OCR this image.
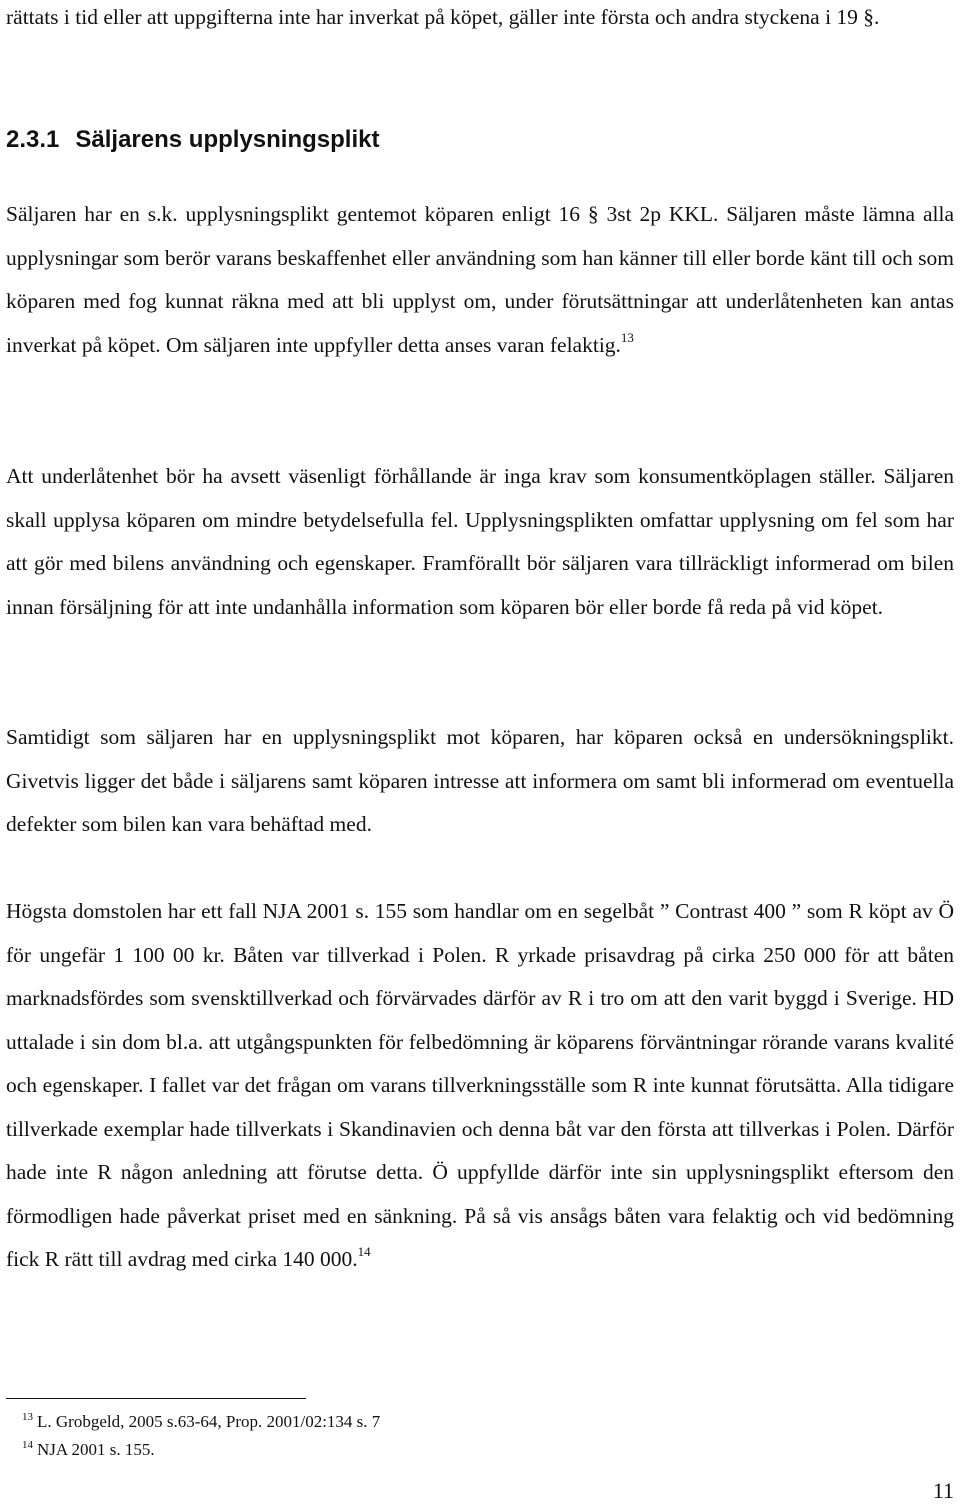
rättats i tid eller att uppgifterna inte har inverkat på köpet, gäller inte första och andra styckena i 19 §.

2.3.1 Säljarens upplysningsplikt

Säljaren har en s.k. upplysningsplikt gentemot köparen enligt 16 § 3st 2p KKL. Säljaren måste lämna alla upplysningar som berör varans beskaffenhet eller användning som han känner till eller borde känt till och som köparen med fog kunnat räkna med att bli upplyst om, under förutsättningar att underlåtenheten kan antas inverkat på köpet. Om säljaren inte uppfyller detta anses varan felaktig.$^{13}$

Att underlåtenhet bör ha avsett väsenligt förhållande är inga krav som konsumentköplagen ställer. Säljaren skall upplysa köparen om mindre betydelsefulla fel. Upplysningsplikten omfattar upplysning om fel som har att gör med bilens användning och egenskaper. Framförallt bör säljaren vara tillräckligt informerad om bilen innan försäljning för att inte undanhålla information som köparen bör eller borde få reda på vid köpet.

Samtidigt som säljaren har en upplysningsplikt mot köparen, har köparen också en undersökningsplikt. Givetvis ligger det både i säljarens samt köparen intresse att informera om samt bli informerad om eventuella defekter som bilen kan vara behäftad med.

Högsta domstolen har ett fall NJA 2001 s. 155 som handlar om en segelbåt ” Contrast 400 ” som R köpt av Ö för ungefär 1 100 00 kr. Båten var tillverkad i Polen. R yrkade prisavdrag på cirka 250 000 för att båten marknadsfördes som svensktillverkad och förvärvades därför av R i tro om att den varit byggd i Sverige. HD uttalade i sin dom bl.a. att utgångspunkten för felbedömning är köparens förväntningar rörande varans kvalité och egenskaper. I fallet var det frågan om varans tillverkningsställe som R inte kunnat förutsätta. Alla tidigare tillverkade exemplar hade tillverkats i Skandinavien och denna båt var den första att tillverkas i Polen. Därför hade inte R någon anledning att förutse detta. Ö uppfyllde därför inte sin upplysningsplikt eftersom den förmodligen hade påverkat priset med en sänkning. På så vis ansågs båten vara felaktig och vid bedömning fick R rätt till avdrag med cirka 140 000.14

$^{13}$ L. Grobgeld, 2005 s.63-64, Prop. 2001/02:134 s. 7

$^{14}$ NJA 2001 s. 155.

11
